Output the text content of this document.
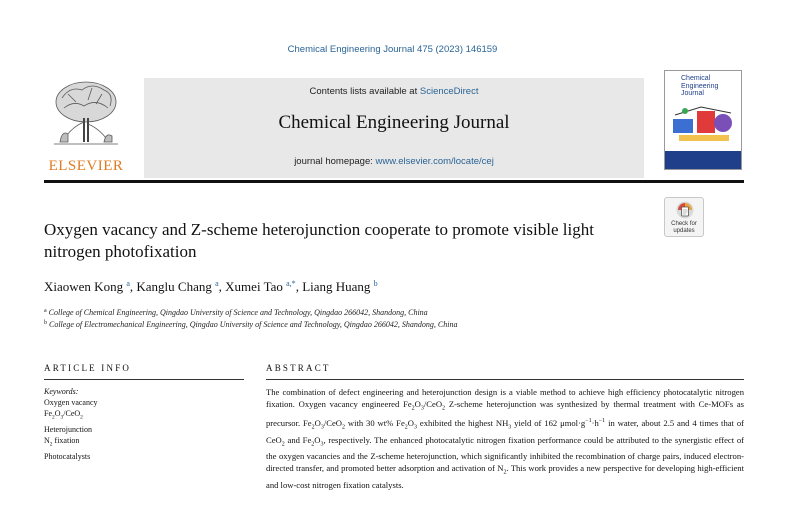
Chemical Engineering Journal 475 (2023) 146159
ELSEVIER
Contents lists available at ScienceDirect
Chemical Engineering Journal
journal homepage: www.elsevier.com/locate/cej
Chemical
Engineering
Journal
Check for
updates
Oxygen vacancy and Z-scheme heterojunction cooperate to promote visible light nitrogen photofixation
Xiaowen Kong $^a$, Kanglu Chang $^a$, Xumei Tao $^{a,*}$, Liang Huang $^b$
$^a$ College of Chemical Engineering, Qingdao University of Science and Technology, Qingdao 266042, Shandong, China
$^b$ College of Electromechanical Engineering, Qingdao University of Science and Technology, Qingdao 266042, Shandong, China
ARTICLE INFO	ABSTRACT
Keywords:
Oxygen vacancy
$Fe_2O_3/CeO_2$
Heterojunction
$N_2$ fixation
Photocatalysts
The combination of defect engineering and heterojunction design is a viable method to achieve high efficiency photocatalytic nitrogen fixation. Oxygen vacancy engineered $Fe_2O_3/CeO_2$ Z-scheme heterojunction was synthesized by thermal treatment with Ce-MOFs as precursor. $Fe_2O_3/CeO_2$ with 30 wt% $Fe_2O_3$ exhibited the highest $NH_3$ yield of 162 $\mu mol\cdot g^{-1}\cdot h^{-1}$ in water, about 2.5 and 4 times that of CeO$_2$ and $Fe_2O_3$, respectively. The enhanced photocatalytic nitrogen fixation performance could be attributed to the synergistic effect of the oxygen vacancies and the Z-scheme heterojunction, which significantly inhibited the recombination of charge pairs, induced electron-directed transfer, and promoted better adsorption and activation of $N_2$. This work provides a new perspective for developing high-efficient and low-cost nitrogen fixation catalysts.
